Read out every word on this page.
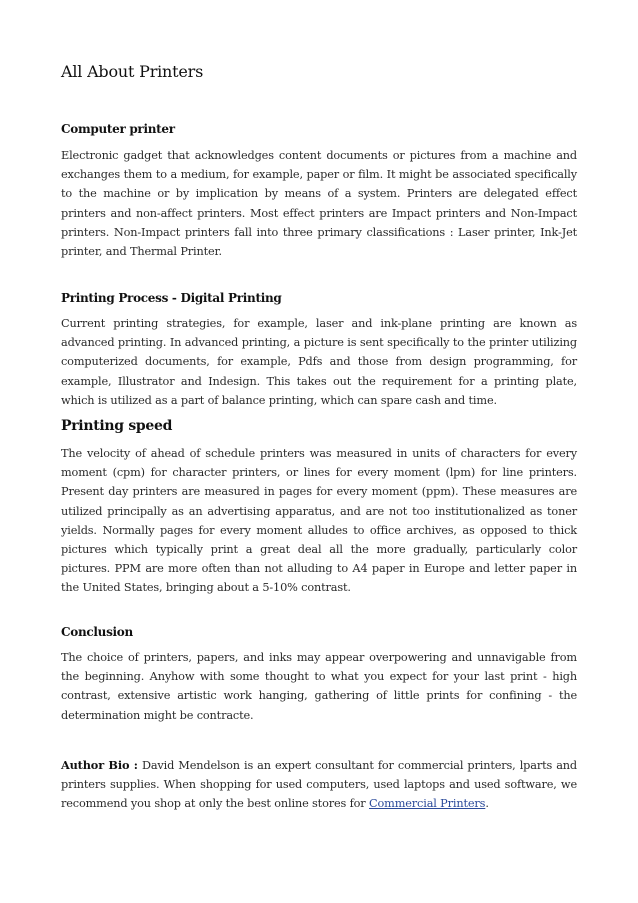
All About Printers
Computer printer

Electronic gadget that acknowledges content documents or pictures from a machine and exchanges them to a medium, for example, paper or film. It might be associated specifically to the machine or by implication by means of a system. Printers are delegated effect printers and non-affect printers. Most effect printers are Impact printers and Non-Impact printers. Non-Impact printers fall into three primary classifications : Laser printer, Ink-Jet printer, and Thermal Printer.

Printing Process - Digital Printing

Current printing strategies, for example, laser and ink-plane printing are known as advanced printing. In advanced printing, a picture is sent specifically to the printer utilizing computerized documents, for example, Pdfs and those from design programming, for example, Illustrator and Indesign. This takes out the requirement for a printing plate, which is utilized as a part of balance printing, which can spare cash and time.

Printing speed

The velocity of ahead of schedule printers was measured in units of characters for every moment (cpm) for character printers, or lines for every moment (lpm) for line printers. Present day printers are measured in pages for every moment (ppm). These measures are utilized principally as an advertising apparatus, and are not too institutionalized as toner yields. Normally pages for every moment alludes to office archives, as opposed to thick pictures which typically print a great deal all the more gradually, particularly color pictures. PPM are more often than not alluding to A4 paper in Europe and letter paper in the United States, bringing about a 5-10% contrast.

Conclusion

The choice of printers, papers, and inks may appear overpowering and unnavigable from the beginning. Anyhow with some thought to what you expect for your last print - high contrast, extensive artistic work hanging, gathering of little prints for confining - the determination might be contracte.

Author Bio : David Mendelson is an expert consultant for commercial printers, lparts and printers supplies. When shopping for used computers, used laptops and used software, we recommend you shop at only the best online stores for Commercial Printers.
